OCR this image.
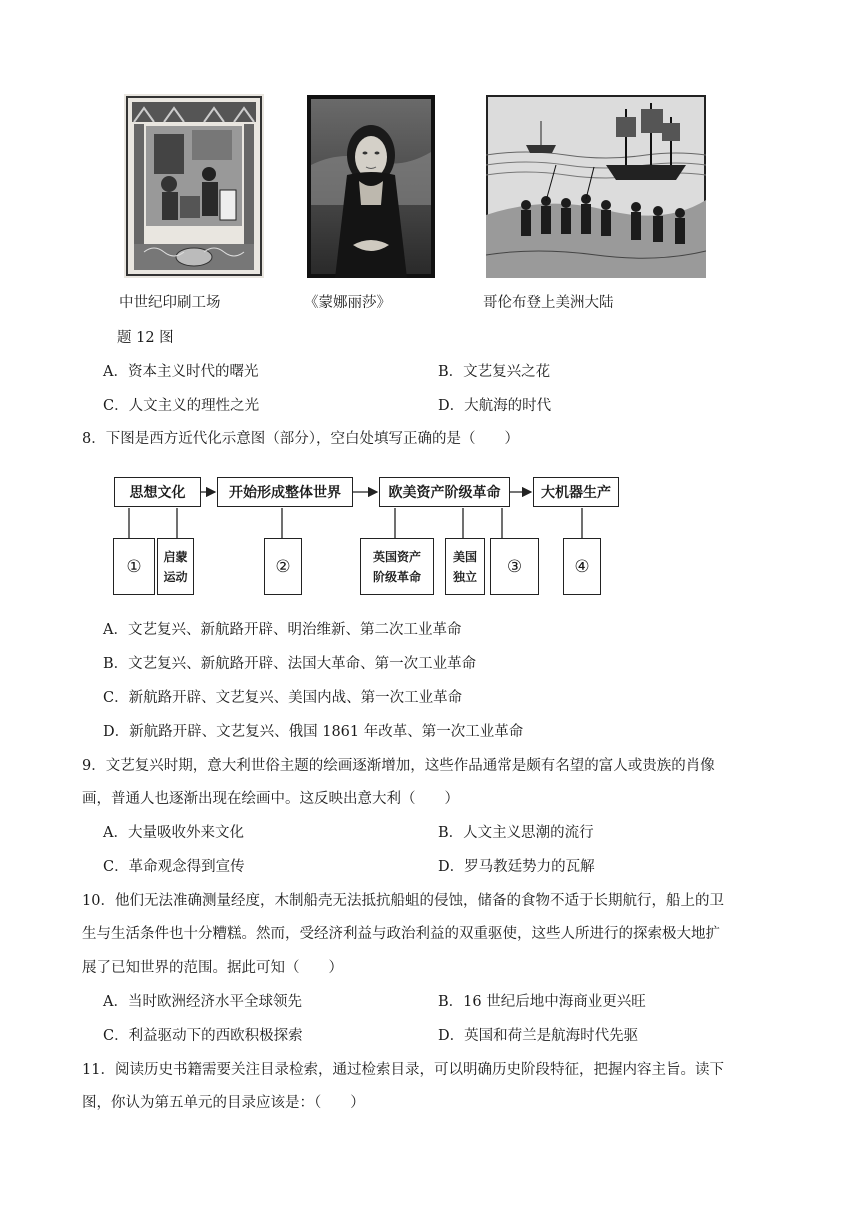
中世纪印刷工场	《蒙娜丽莎》	哥伦布登上美洲大陆
题 12 图
A．资本主义时代的曙光	B．文艺复兴之花
C．人文主义的理性之光	D．大航海的时代
8．下图是西方近代化示意图（部分），空白处填写正确的是（　　）
思想文化	开始形成整体世界	欧美资产阶级革命	大机器生产
① 启蒙
运动	②	英国资产
阶级革命
美国
独立 ③	④
A．文艺复兴、新航路开辟、明治维新、第二次工业革命
B．文艺复兴、新航路开辟、法国大革命、第一次工业革命
C．新航路开辟、文艺复兴、美国内战、第一次工业革命
D．新航路开辟、文艺复兴、俄国 1861 年改革、第一次工业革命
9．文艺复兴时期，意大利世俗主题的绘画逐渐增加，这些作品通常是颇有名望的富人或贵族的肖像
画，普通人也逐渐出现在绘画中。这反映出意大利（　　）
A．大量吸收外来文化	B．人文主义思潮的流行
C．革命观念得到宣传	D．罗马教廷势力的瓦解
10．他们无法准确测量经度，木制船壳无法抵抗船蛆的侵蚀，储备的食物不适于长期航行，船上的卫
生与生活条件也十分糟糕。然而，受经济利益与政治利益的双重驱使，这些人所进行的探索极大地扩
展了已知世界的范围。据此可知（　　）
A．当时欧洲经济水平全球领先	B．16 世纪后地中海商业更兴旺
C．利益驱动下的西欧积极探索	D．英国和荷兰是航海时代先驱
11．阅读历史书籍需要关注目录检索，通过检索目录，可以明确历史阶段特征，把握内容主旨。读下
图，你认为第五单元的目录应该是：（　　）
